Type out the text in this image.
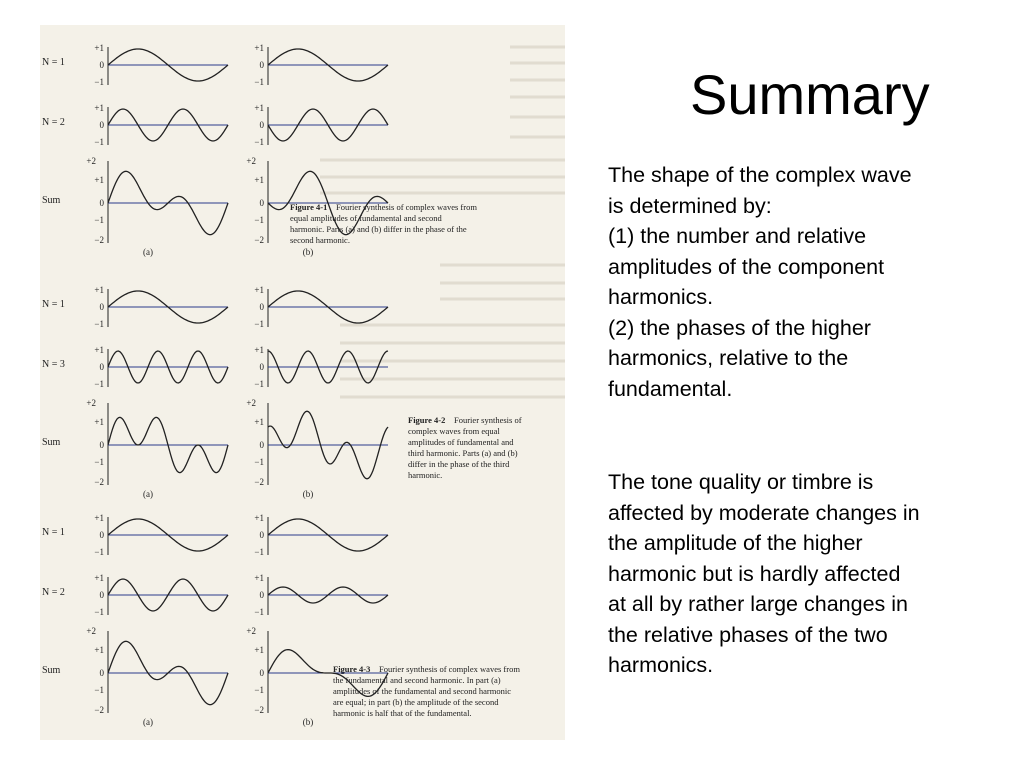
N = 1
N = 2
Sum
+1
0
−1
+1
0
−1
+2
+1
0
−1
−2
(a)
+1
0
−1
+1
0
−1
+2
+1
0
−1
−2
(b)
Figure 4-1 Fourier synthesis of complex waves from
equal amplitudes of fundamental and second
harmonic. Parts (a) and (b) differ in the phase of the
second harmonic.
N = 1
N = 3
Sum
+1
0
−1
+1
0
−1
+2
+1
0
−1
−2
(a)
+1
0
−1
+1
0
−1
+2
+1
0
−1
−2
(b)
Figure 4-2 Fourier synthesis of
complex waves from equal
amplitudes of fundamental and
third harmonic. Parts (a) and (b)
differ in the phase of the third
harmonic.
N = 1
N = 2
Sum
+1
0
−1
+1
0
−1
+2
+1
0
−1
−2
(a)
+1
0
−1
+1
0
−1
+2
+1
0
−1
−2
(b)
Figure 4-3 Fourier synthesis of complex waves from
the fundamental and second harmonic. In part (a)
amplitudes of the fundamental and second harmonic
are equal; in part (b) the amplitude of the second
harmonic is half that of the fundamental.
Summary
The shape of the complex wave
is determined by:
(1) the number and relative
amplitudes of the component
harmonics.
(2) the phases of the higher
harmonics, relative to the
fundamental.
The tone quality or timbre is
affected by moderate changes in
the amplitude of the higher
harmonic but is hardly affected
at all by rather large changes in
the relative phases of the two
harmonics.
